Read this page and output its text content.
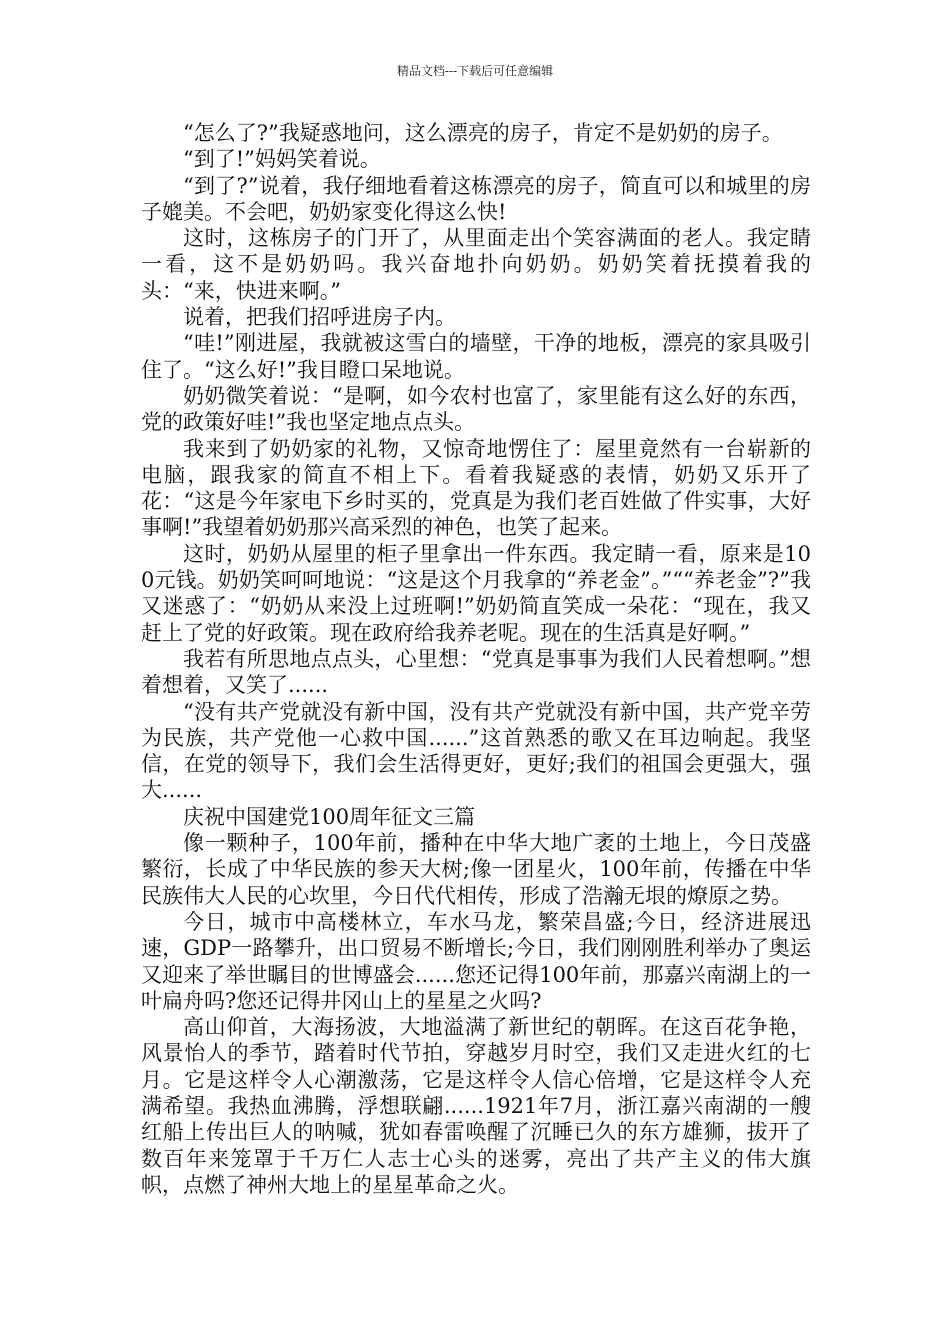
精品文档---下载后可任意编辑

“怎么了?”我疑惑地问，这么漂亮的房子，肯定不是奶奶的房子。

“到了!”妈妈笑着说。

“到了?”说着，我仔细地看着这栋漂亮的房子，简直可以和城里的房子媲美。不会吧，奶奶家变化得这么快!

这时，这栋房子的门开了，从里面走出个笑容满面的老人。我定睛一看，这不是奶奶吗。我兴奋地扑向奶奶。奶奶笑着抚摸着我的头：“来，快进来啊。”

说着，把我们招呼进房子内。

“哇!”刚进屋，我就被这雪白的墙壁，干净的地板，漂亮的家具吸引住了。“这么好!”我目瞪口呆地说。

奶奶微笑着说：“是啊，如今农村也富了，家里能有这么好的东西，党的政策好哇!”我也坚定地点点头。

我来到了奶奶家的礼物，又惊奇地愣住了：屋里竟然有一台崭新的电脑，跟我家的简直不相上下。看着我疑惑的表情，奶奶又乐开了花：“这是今年家电下乡时买的，党真是为我们老百姓做了件实事，大好事啊!”我望着奶奶那兴高采烈的神色，也笑了起来。

这时，奶奶从屋里的柜子里拿出一件东西。我定睛一看，原来是100元钱。奶奶笑呵呵地说：“这是这个月我拿的“养老金”。”““养老金”?”我又迷惑了：“奶奶从来没上过班啊!”奶奶简直笑成一朵花：“现在，我又赶上了党的好政策。现在政府给我养老呢。现在的生活真是好啊。”

我若有所思地点点头，心里想：“党真是事事为我们人民着想啊。”想着想着，又笑了......

“没有共产党就没有新中国，没有共产党就没有新中国，共产党辛劳为民族，共产党他一心救中国......”这首熟悉的歌又在耳边响起。我坚信，在党的领导下，我们会生活得更好，更好;我们的祖国会更强大，强大......

庆祝中国建党100周年征文三篇

像一颗种子，100年前，播种在中华大地广袤的土地上，今日茂盛繁衍，长成了中华民族的参天大树;像一团星火，100年前，传播在中华民族伟大人民的心坎里，今日代代相传，形成了浩瀚无垠的燎原之势。

今日，城市中高楼林立，车水马龙，繁荣昌盛;今日，经济进展迅速，GDP一路攀升，出口贸易不断增长;今日，我们刚刚胜利举办了奥运又迎来了举世瞩目的世博盛会......您还记得100年前，那嘉兴南湖上的一叶扁舟吗?您还记得井冈山上的星星之火吗?

高山仰首，大海扬波，大地溢满了新世纪的朝晖。在这百花争艳，风景怡人的季节，踏着时代节拍，穿越岁月时空，我们又走进火红的七月。它是这样令人心潮激荡，它是这样令人信心倍增，它是这样令人充满希望。我热血沸腾，浮想联翩......1921年7月，浙江嘉兴南湖的一艘红船上传出巨人的呐喊，犹如春雷唤醒了沉睡已久的东方雄狮，拔开了数百年来笼罩于千万仁人志士心头的迷雾，亮出了共产主义的伟大旗帜，点燃了神州大地上的星星革命之火。
